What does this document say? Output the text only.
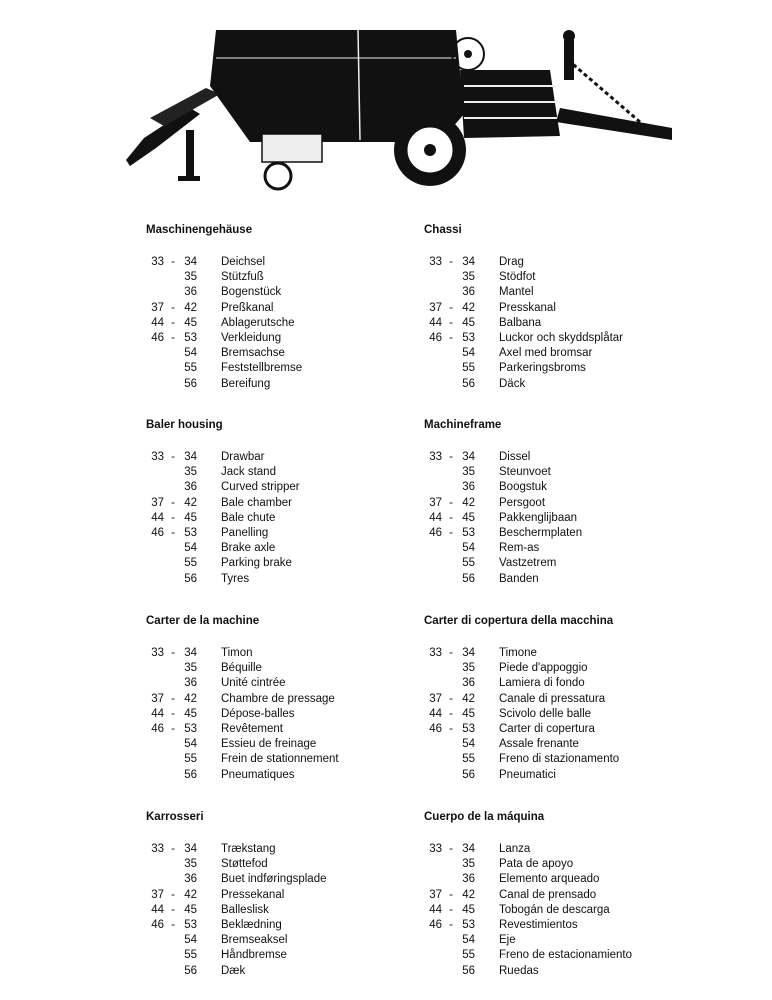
Maschinengehäuse
33 - 34 Deichsel
35 Stützfuß
36 Bogenstück
37 - 42 Preßkanal
44 - 45 Ablagerutsche
46 - 53 Verkleidung
54 Bremsachse
55 Feststellbremse
56 Bereifung
Chassi
33 - 34 Drag
35 Stödfot
36 Mantel
37 - 42 Presskanal
44 - 45 Balbana
46 - 53 Luckor och skyddsplåtar
54 Axel med bromsar
55 Parkeringsbroms
56 Däck
Baler housing
33 - 34 Drawbar
35 Jack stand
36 Curved stripper
37 - 42 Bale chamber
44 - 45 Bale chute
46 - 53 Panelling
54 Brake axle
55 Parking brake
56 Tyres
Machineframe
33 - 34 Dissel
35 Steunvoet
36 Boogstuk
37 - 42 Persgoot
44 - 45 Pakkenglijbaan
46 - 53 Beschermplaten
54 Rem-as
55 Vastzetrem
56 Banden
Carter de la machine
33 - 34 Timon
35 Béquille
36 Unité cintrée
37 - 42 Chambre de pressage
44 - 45 Dépose-balles
46 - 53 Revêtement
54 Essieu de freinage
55 Frein de stationnement
56 Pneumatiques
Carter di copertura della macchina
33 - 34 Timone
35 Piede d'appoggio
36 Lamiera di fondo
37 - 42 Canale di pressatura
44 - 45 Scivolo delle balle
46 - 53 Carter di copertura
54 Assale frenante
55 Freno di stazionamento
56 Pneumatici
Karrosseri
33 - 34 Trækstang
35 Støttefod
36 Buet indføringsplade
37 - 42 Pressekanal
44 - 45 Balleslisk
46 - 53 Beklædning
54 Bremseaksel
55 Håndbremse
56 Dæk
Cuerpo de la máquina
33 - 34 Lanza
35 Pata de apoyo
36 Elemento arqueado
37 - 42 Canal de prensado
44 - 45 Tobogán de descarga
46 - 53 Revestimientos
54 Eje
55 Freno de estacionamiento
56 Ruedas
